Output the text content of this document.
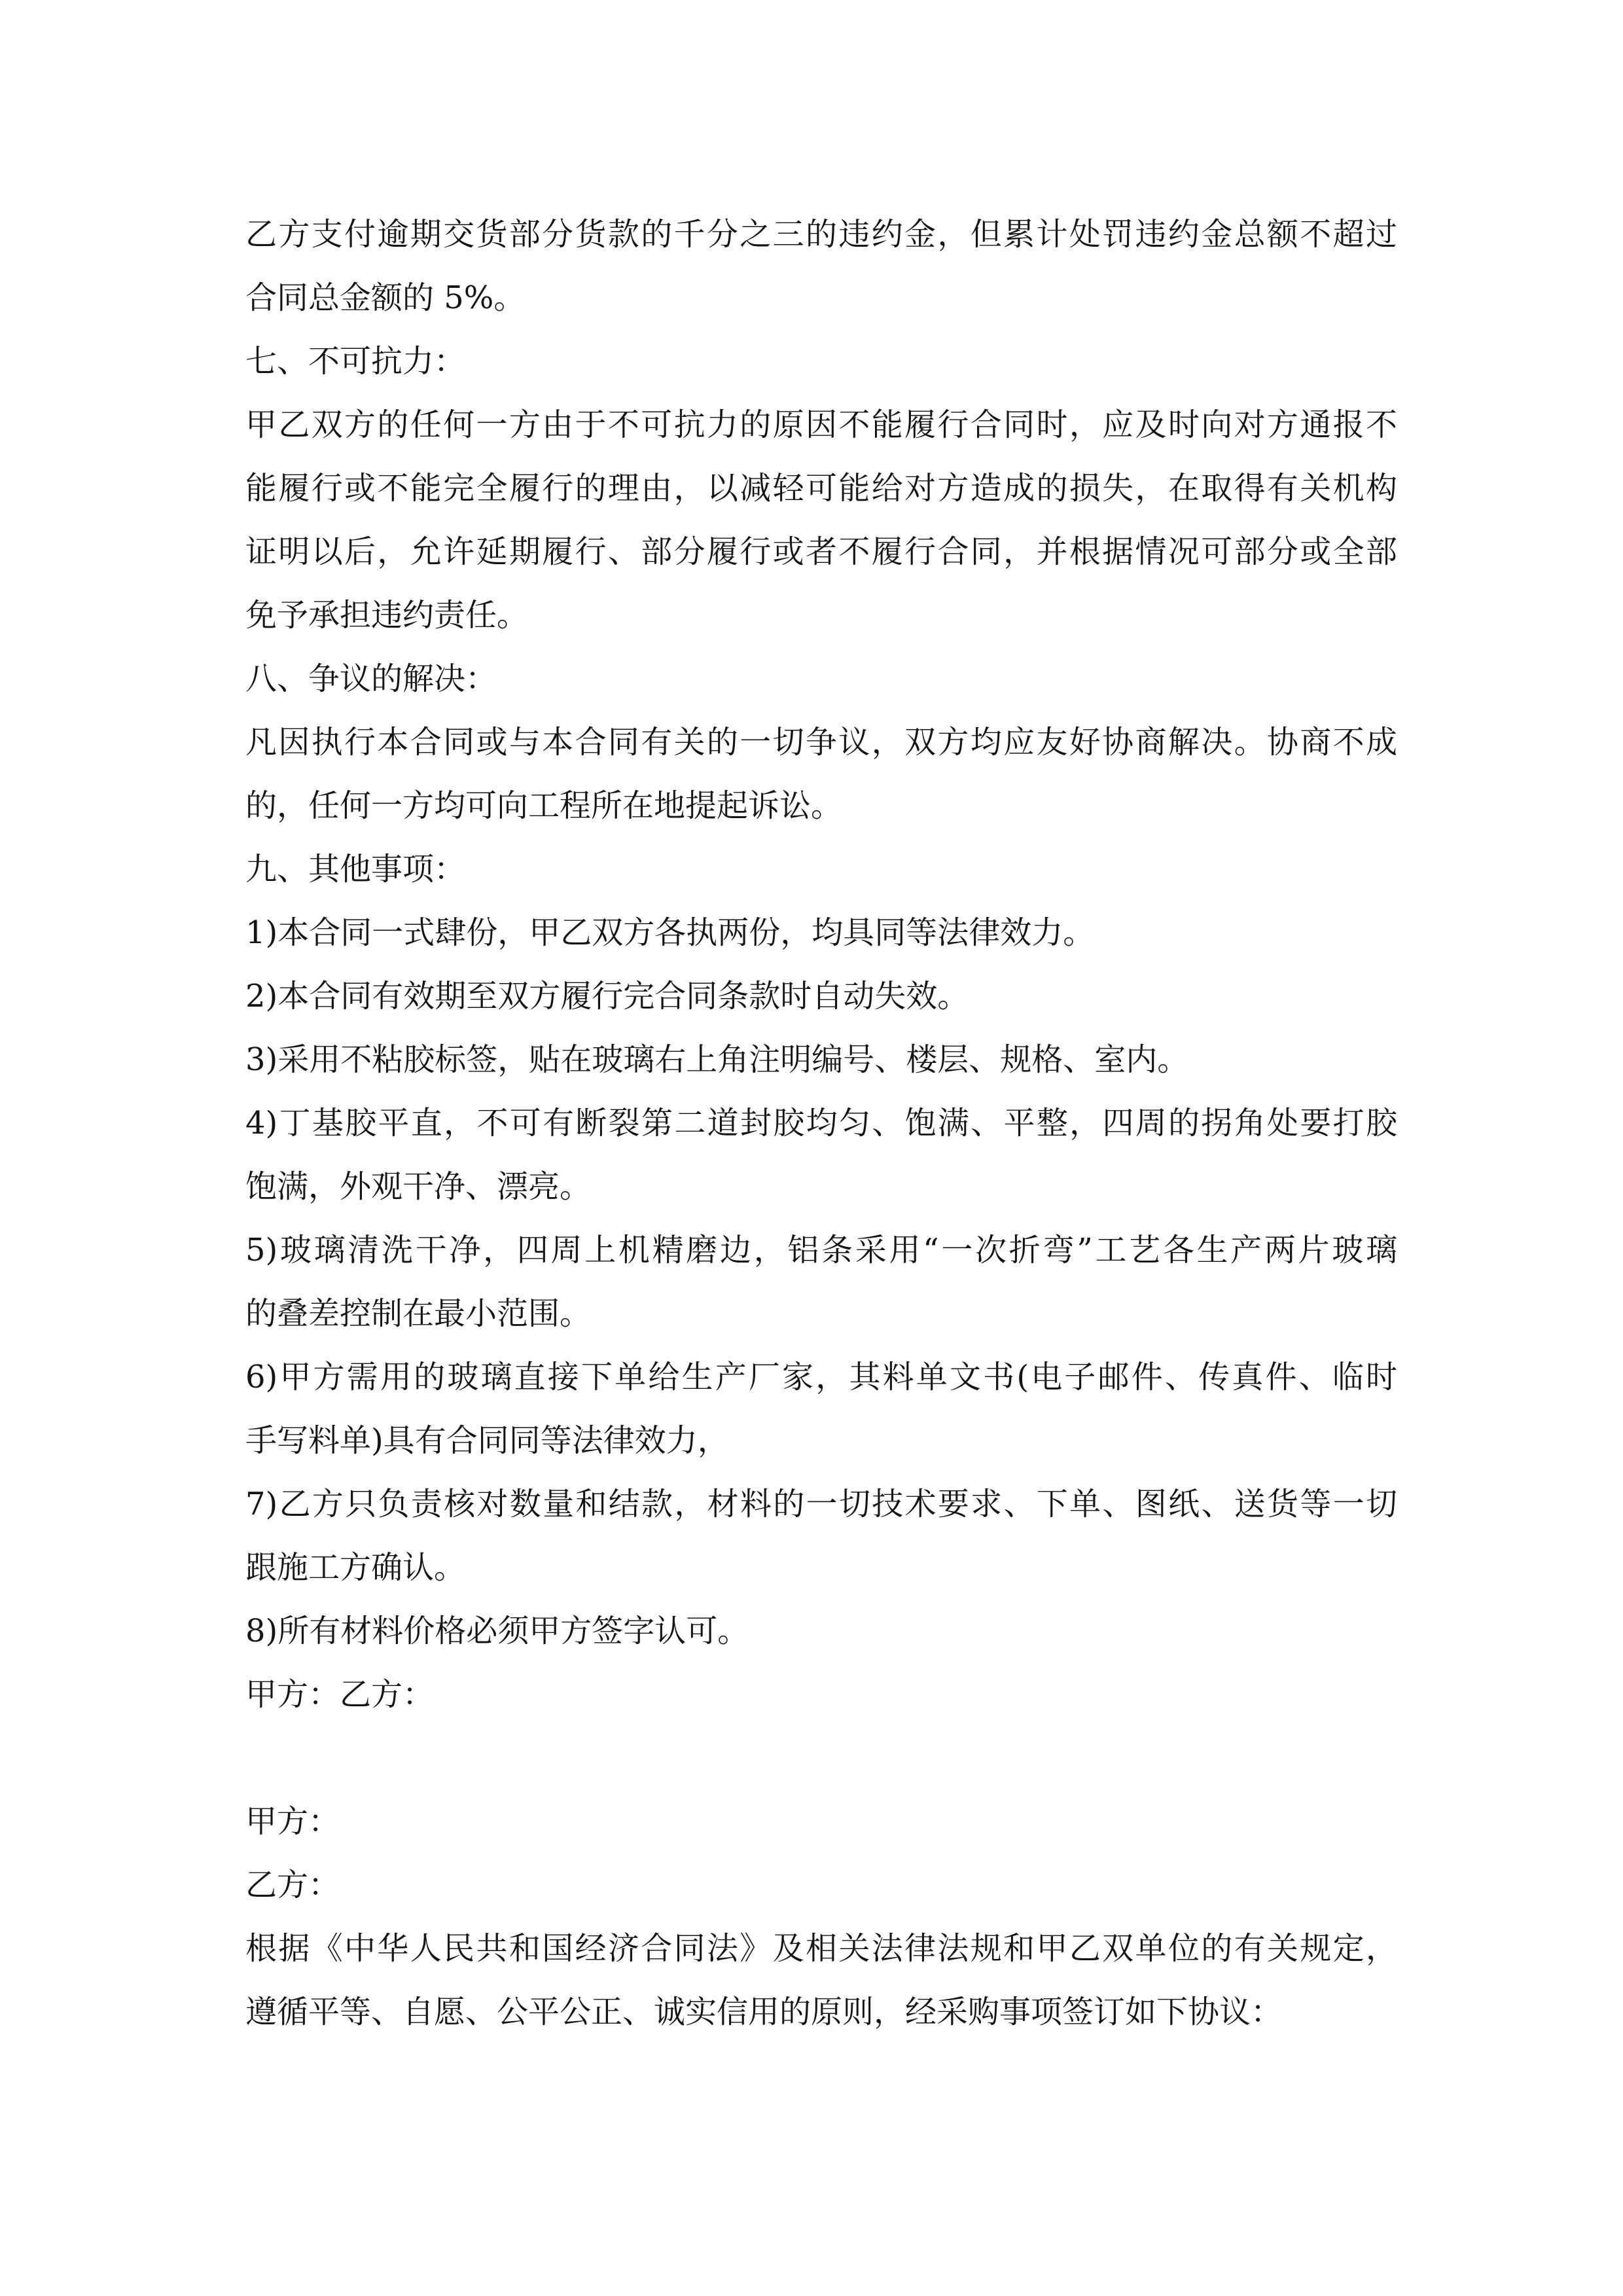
乙方支付逾期交货部分货款的千分之三的违约金，但累计处罚违约金总额不超过
合同总金额的 5%。
七、不可抗力：
甲乙双方的任何一方由于不可抗力的原因不能履行合同时，应及时向对方通报不
能履行或不能完全履行的理由，以减轻可能给对方造成的损失，在取得有关机构
证明以后，允许延期履行、部分履行或者不履行合同，并根据情况可部分或全部
免予承担违约责任。
八、争议的解决：
凡因执行本合同或与本合同有关的一切争议，双方均应友好协商解决。协商不成
的，任何一方均可向工程所在地提起诉讼。
九、其他事项：
1)本合同一式肆份，甲乙双方各执两份，均具同等法律效力。
2)本合同有效期至双方履行完合同条款时自动失效。
3)采用不粘胶标签，贴在玻璃右上角注明编号、楼层、规格、室内。
4)丁基胶平直，不可有断裂第二道封胶均匀、饱满、平整，四周的拐角处要打胶
饱满，外观干净、漂亮。
5)玻璃清洗干净，四周上机精磨边，铝条采用“一次折弯”工艺各生产两片玻璃
的叠差控制在最小范围。
6)甲方需用的玻璃直接下单给生产厂家，其料单文书(电子邮件、传真件、临时
手写料单)具有合同同等法律效力，
7)乙方只负责核对数量和结款，材料的一切技术要求、下单、图纸、送货等一切
跟施工方确认。
8)所有材料价格必须甲方签字认可。
甲方：乙方：
甲方：
乙方：
根据《中华人民共和国经济合同法》及相关法律法规和甲乙双单位的有关规定，
遵循平等、自愿、公平公正、诚实信用的原则，经采购事项签订如下协议：
